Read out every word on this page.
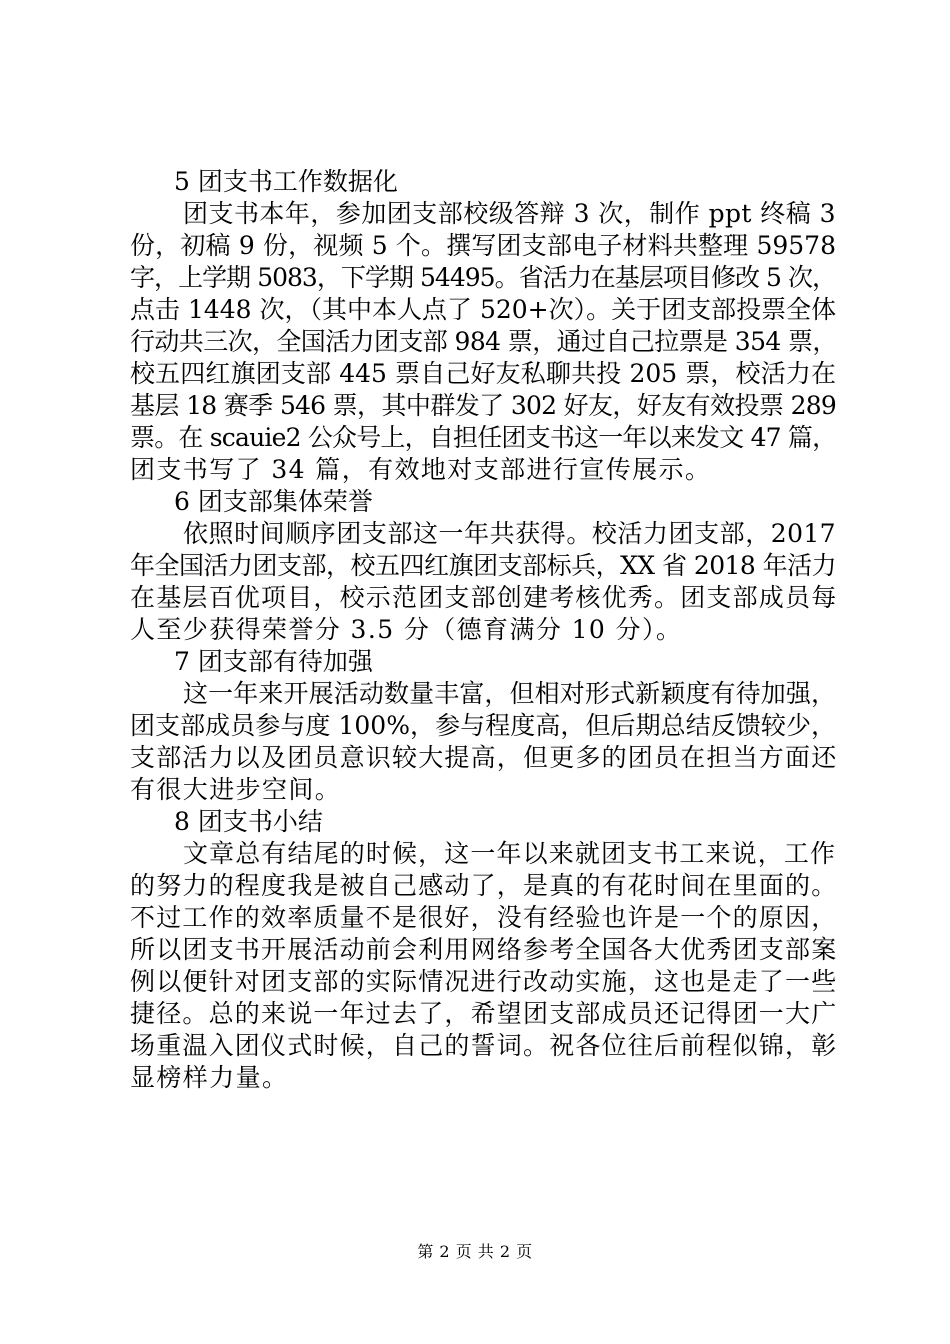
5 团支书工作数据化
团支书本年，参加团支部校级答辩 3 次，制作 ppt 终稿 3
份，初稿 9 份，视频 5 个。撰写团支部电子材料共整理 59578
字，上学期 5083，下学期 54495。省活力在基层项目修改 5 次，
点击 1448 次，（其中本人点了 520+次）。关于团支部投票全体
行动共三次，全国活力团支部 984 票，通过自己拉票是 354 票，
校五四红旗团支部 445 票自己好友私聊共投 205 票，校活力在
基层 18 赛季 546 票，其中群发了 302 好友，好友有效投票 289
票。在 scauie2 公众号上，自担任团支书这一年以来发文 47 篇，
团支书写了 34 篇，有效地对支部进行宣传展示。
6 团支部集体荣誉
依照时间顺序团支部这一年共获得。校活力团支部，2017
年全国活力团支部，校五四红旗团支部标兵，XX 省 2018 年活力
在基层百优项目，校示范团支部创建考核优秀。团支部成员每
人至少获得荣誉分 3.5 分（德育满分 10 分）。
7 团支部有待加强
这一年来开展活动数量丰富，但相对形式新颖度有待加强，
团支部成员参与度 100%，参与程度高，但后期总结反馈较少，
支部活力以及团员意识较大提高，但更多的团员在担当方面还
有很大进步空间。
8 团支书小结
文章总有结尾的时候，这一年以来就团支书工来说，工作
的努力的程度我是被自己感动了，是真的有花时间在里面的。
不过工作的效率质量不是很好，没有经验也许是一个的原因，
所以团支书开展活动前会利用网络参考全国各大优秀团支部案
例以便针对团支部的实际情况进行改动实施，这也是走了一些
捷径。总的来说一年过去了，希望团支部成员还记得团一大广
场重温入团仪式时候，自己的誓词。祝各位往后前程似锦，彰
显榜样力量。
第 2 页 共 2 页
